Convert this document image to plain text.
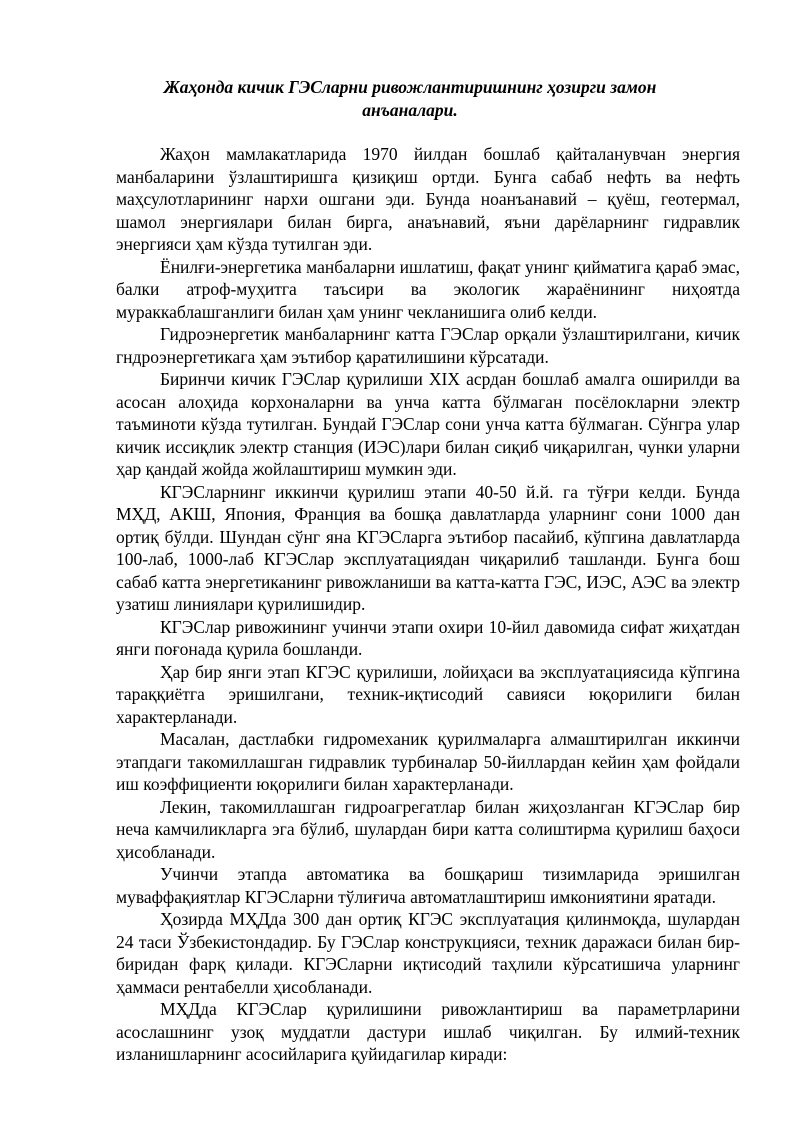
Жаҳонда кичик ГЭСларни ривожлантиришнинг ҳозирги замон анъаналари.

Жаҳон мамлакатларида 1970 йилдан бошлаб қайталанувчан энергия манбаларини ўзлаштиришга қизиқиш ортди. Бунга сабаб нефть ва нефть маҳсулотларининг нархи ошгани эди. Бунда ноанъанавий – қуёш, геотермал, шамол энергиялари билан бирга, анаънавий, яъни дарёларнинг гидравлик энергияси ҳам кўзда тутилган эди.

Ёнилғи-энергетика манбаларни ишлатиш, фақат унинг қийматига қараб эмас, балки атроф-муҳитга таъсири ва экологик жараёнининг ниҳоятда мураккаблашганлиги билан ҳам унинг чекланишига олиб келди.

Гидроэнергетик манбаларнинг катта ГЭСлар орқали ўзлаштирилгани, кичик гндроэнергетикага ҳам эътибор қаратилишини кўрсатади.

Биринчи кичик ГЭСлар қурилиши XIX асрдан бошлаб амалга оширилди ва асосан алоҳида корхоналарни ва унча катта бўлмаган посёлокларни электр таъминоти кўзда тутилган. Бундай ГЭСлар сони унча катта бўлмаган. Сўнгра улар кичик иссиқлик электр станция (ИЭС)лари билан сиқиб чиқарилган, чунки уларни ҳар қандай жойда жойлаштириш мумкин эди.

КГЭСларнинг иккинчи қурилиш этапи 40-50 й.й. га тўғри келди. Бунда МҲД, АКШ, Япония, Франция ва бошқа давлатларда уларнинг сони 1000 дан ортиқ бўлди. Шундан сўнг яна КГЭСларга эътибор пасайиб, кўпгина давлатларда 100-лаб, 1000-лаб КГЭСлар эксплуатациядан чиқарилиб ташланди. Бунга бош сабаб катта энергетиканинг ривожланиши ва катта-катта ГЭС, ИЭС, АЭС ва электр узатиш линиялари қурилишидир.

КГЭСлар ривожининг учинчи этапи охири 10-йил давомида сифат жиҳатдан янги поғонада қурила бошланди.

Ҳар бир янги этап КГЭС қурилиши, лойиҳаси ва эксплуатациясида кўпгина тараққиётга эришилгани, техник-иқтисодий савияси юқорилиги билан характерланади.

Масалан, дастлабки гидромеханик қурилмаларга алмаштирилган иккинчи этапдаги такомиллашган гидравлик турбиналар 50-йиллардан кейин ҳам фойдали иш коэффициенти юқорилиги билан характерланади.

Лекин, такомиллашган гидроагрегатлар билан жиҳозланган КГЭСлар бир неча камчиликларга эга бўлиб, шулардан бири катта солиштирма қурилиш баҳоси ҳисобланади.

Учинчи этапда автоматика ва бошқариш тизимларида эришилган муваффақиятлар КГЭСларни тўлиғича автоматлаштириш имкониятини яратади.

Ҳозирда МҲДда 300 дан ортиқ КГЭС эксплуатация қилинмоқда, шулардан 24 таси Ўзбекистондадир. Бу ГЭСлар конструкцияси, техник даражаси билан бир-биридан фарқ қилади. КГЭСларни иқтисодий таҳлили кўрсатишича уларнинг ҳаммаси рентабелли ҳисобланади.

МҲДда КГЭСлар қурилишини ривожлантириш ва параметрларини асослашнинг узоқ муддатли дастури ишлаб чиқилган. Бу илмий-техник изланишларнинг асосийларига қуйидагилар киради:
